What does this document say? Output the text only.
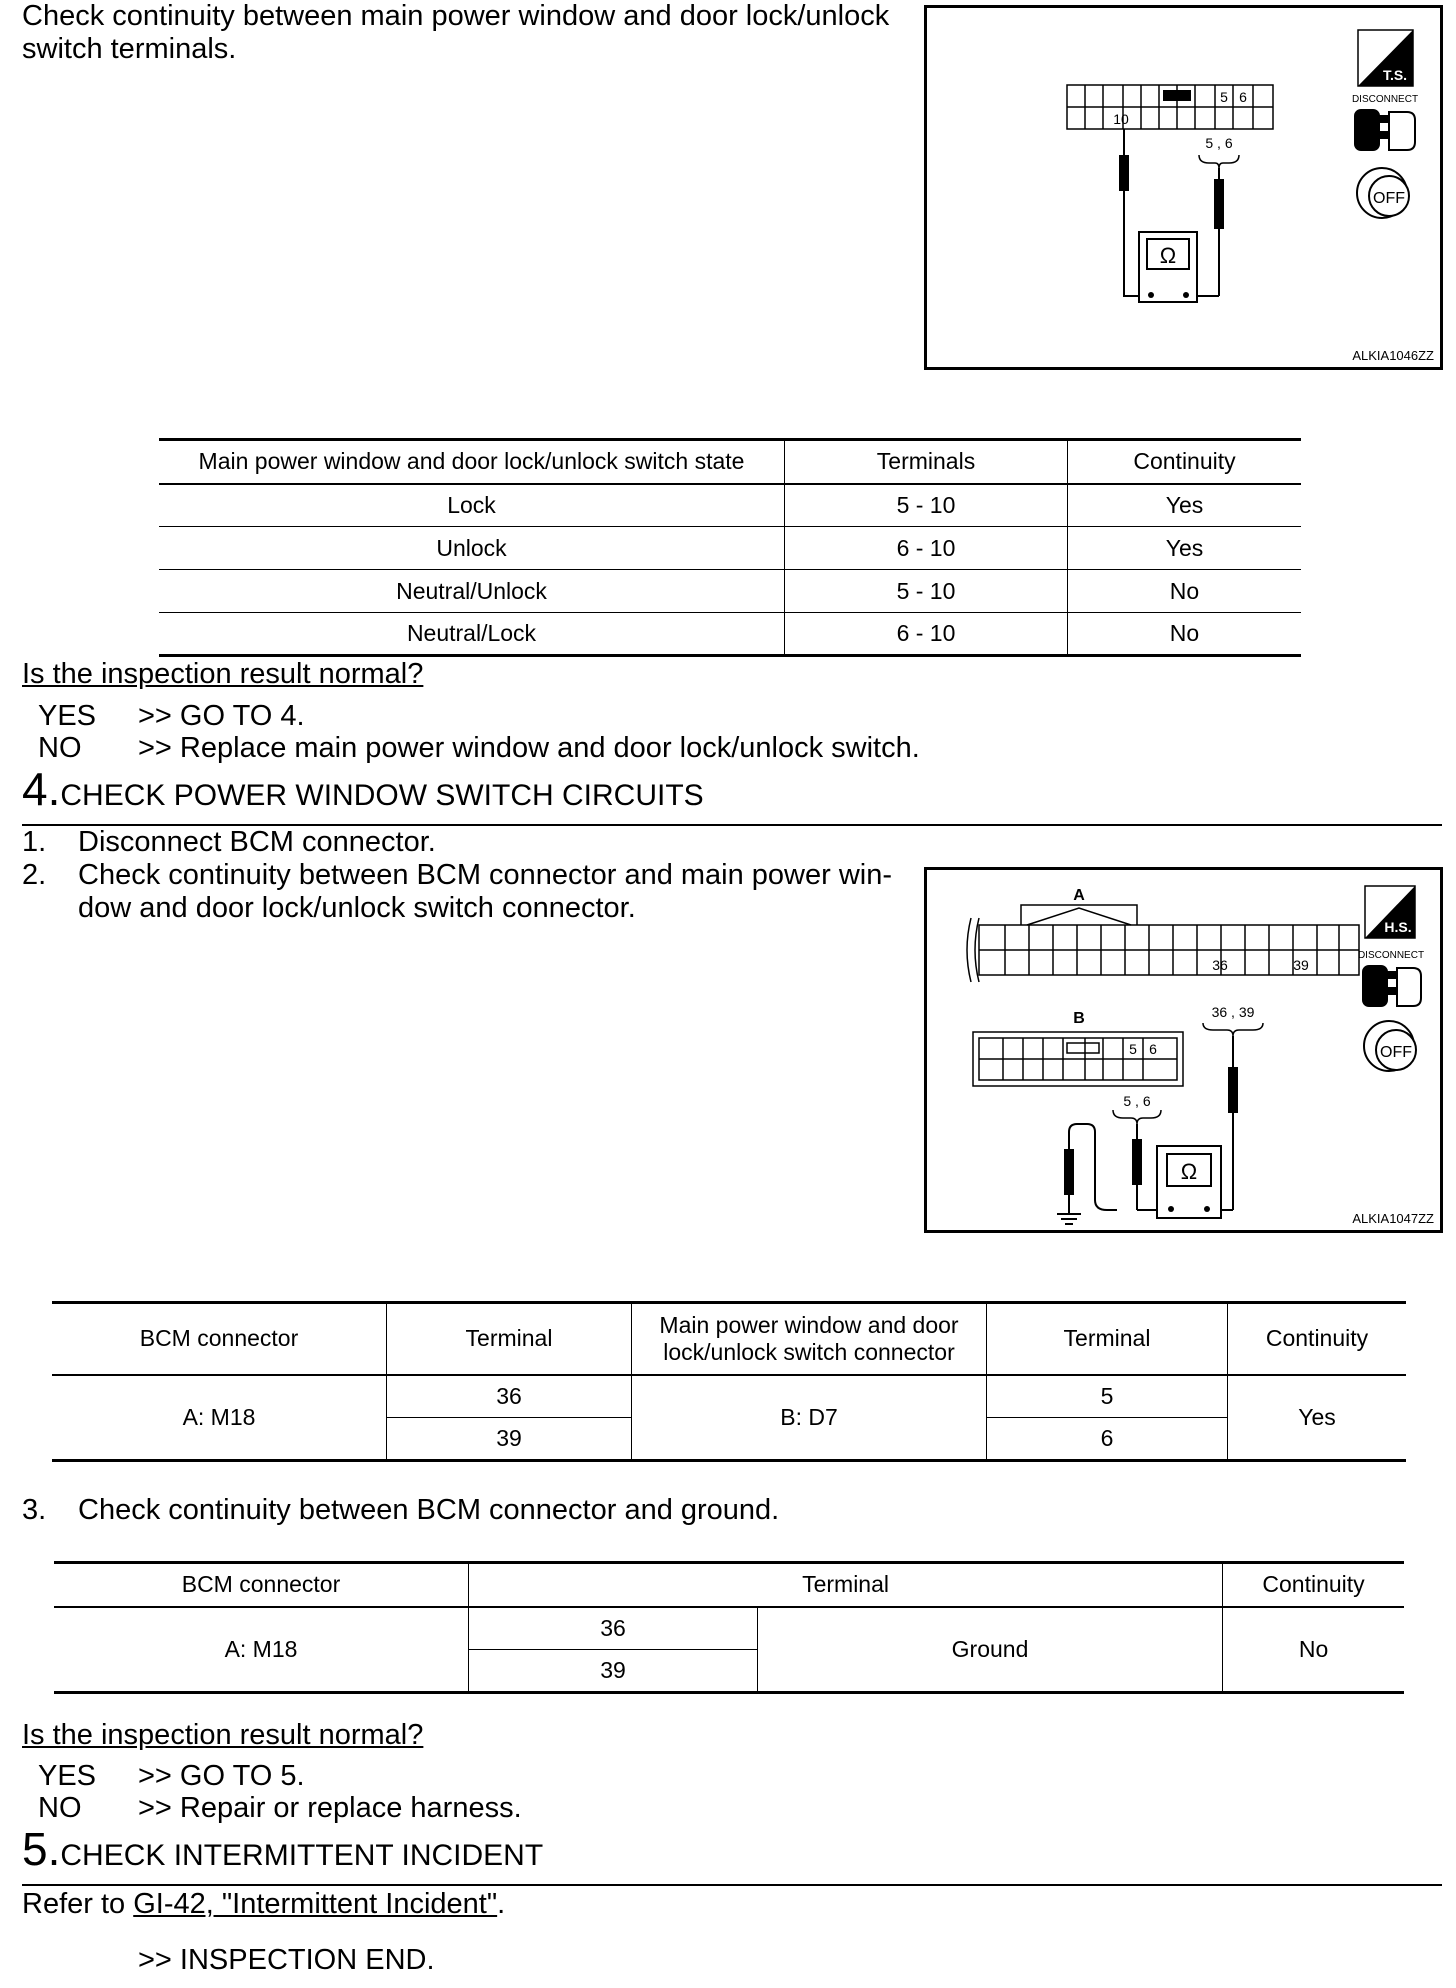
Check continuity between main power window and door lock/unlock
switch terminals.
5 6
10
5 , 6
Ω
T.S.
DISCONNECT
OFF
ALKIA1046ZZ
Main power window and door lock/unlock switch state	Terminals	Continuity
Lock	5 - 10	Yes
Unlock	6 - 10	Yes
Neutral/Unlock	5 - 10	No
Neutral/Lock	6 - 10	No
Is the inspection result normal?
YES >> GO TO 4.
NO >> Replace main power window and door lock/unlock switch.
4.CHECK POWER WINDOW SWITCH CIRCUITS
1. Disconnect BCM connector.
2. Check continuity between BCM connector and main power win-
dow and door lock/unlock switch connector.	A
36	39
36 , 39
B
5 6
5 , 6
Ω
H.S.
DISCONNECT
OFF
ALKIA1047ZZ
BCM connector	Terminal	Main power window and door
lock/unlock switch connector	Terminal	Continuity
A: M18	36	B: D7	5	Yes
	39		6	
3. Check continuity between BCM connector and ground.
BCM connector	Terminal		Continuity
A: M18	36	Ground	No
	39		
Is the inspection result normal?
YES >> GO TO 5.
NO >> Repair or replace harness.
5.CHECK INTERMITTENT INCIDENT
Refer to GI-42, "Intermittent Incident".
>> INSPECTION END.
